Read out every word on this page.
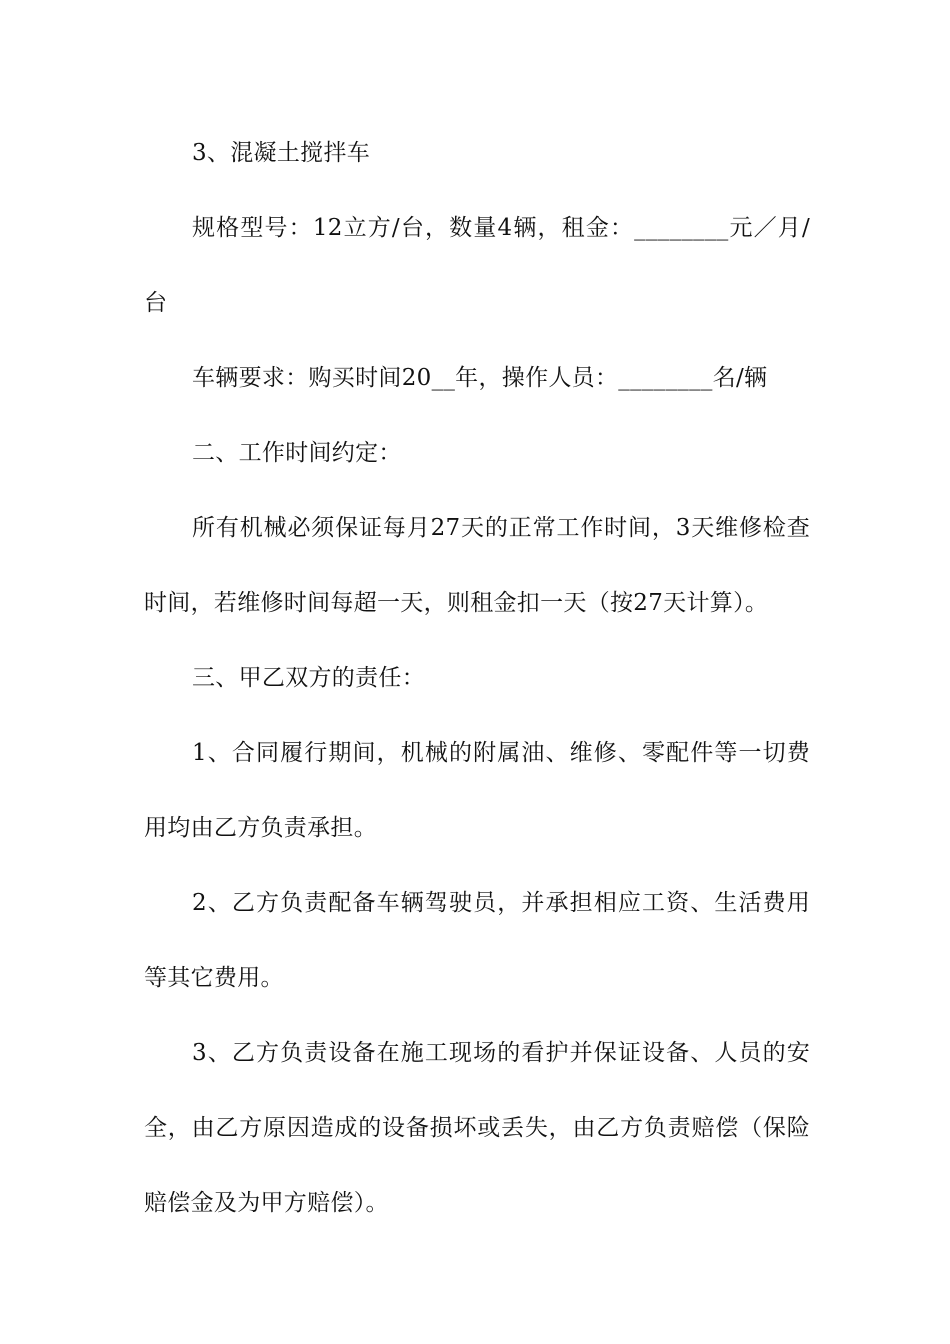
3、混凝土搅拌车

规格型号：12立方/台，数量4辆，租金：________元／月/台

车辆要求：购买时间20__年，操作人员：________名/辆

二、工作时间约定：

所有机械必须保证每月27天的正常工作时间，3天维修检查时间，若维修时间每超一天，则租金扣一天（按27天计算）。

三、甲乙双方的责任：

1、合同履行期间，机械的附属油、维修、零配件等一切费用均由乙方负责承担。

2、乙方负责配备车辆驾驶员，并承担相应工资、生活费用等其它费用。

3、乙方负责设备在施工现场的看护并保证设备、人员的安全，由乙方原因造成的设备损坏或丢失，由乙方负责赔偿（保险赔偿金及为甲方赔偿）。
